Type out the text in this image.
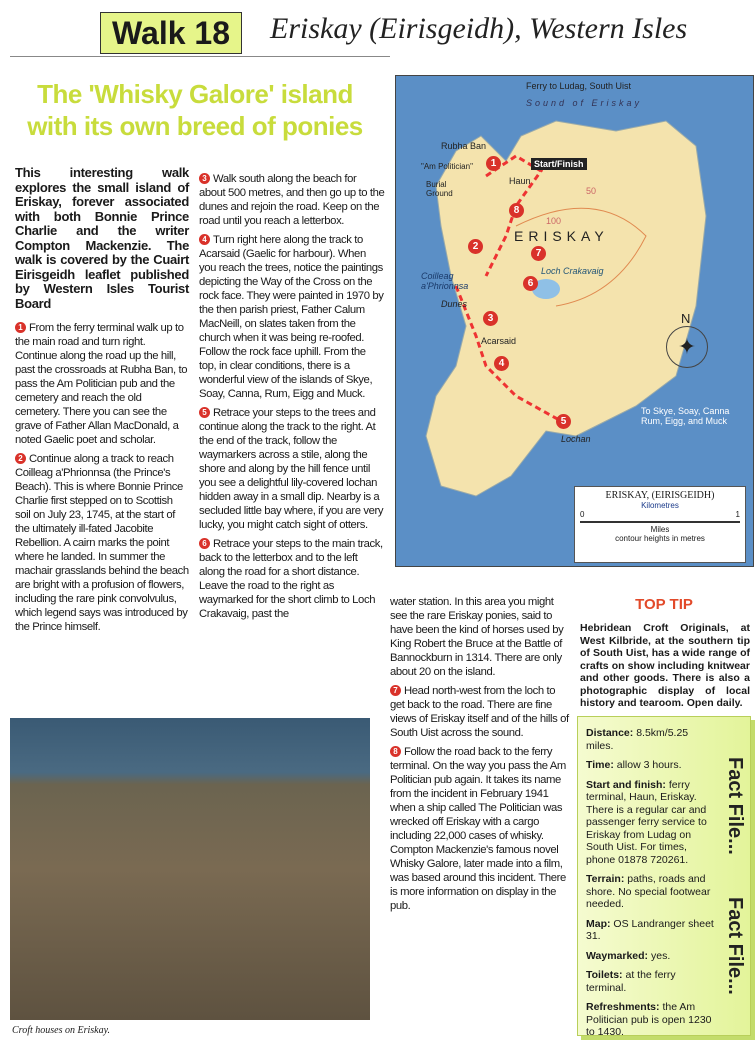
Walk 18	Eriskay (Eirisgeidh), Western Isles
The 'Whisky Galore' island with its own breed of ponies

This interesting walk explores the small island of Eriskay, forever associated with both Bonnie Prince Charlie and the writer Compton Mackenzie. The walk is covered by the Cuairt Eirisgeidh leaflet published by Western Isles Tourist Board

1 From the ferry terminal walk up to the main road and turn right. Continue along the road up the hill, past the crossroads at Rubha Ban, to pass the Am Politician pub and the cemetery and reach the old cemetery. There you can see the grave of Father Allan MacDonald, a noted Gaelic poet and scholar.

2 Continue along a track to reach Coilleag a'Phrionnsa (the Prince's Beach). This is where Bonnie Prince Charlie first stepped on to Scottish soil on July 23, 1745, at the start of the ultimately ill-fated Jacobite Rebellion. A cairn marks the point where he landed. In summer the machair grasslands behind the beach are bright with a profusion of flowers, including the rare pink convolvulus, which legend says was introduced by the Prince himself.

3 Walk south along the beach for about 500 metres, and then go up to the dunes and rejoin the road. Keep on the road until you reach a letterbox.

4 Turn right here along the track to Acarsaid (Gaelic for harbour). When you reach the trees, notice the paintings depicting the Way of the Cross on the rock face. They were painted in 1970 by the then parish priest, Father Calum MacNeill, on slates taken from the church when it was being re-roofed. Follow the rock face uphill. From the top, in clear conditions, there is a wonderful view of the islands of Skye, Soay, Canna, Rum, Eigg and Muck.

5 Retrace your steps to the trees and continue along the track to the right. At the end of the track, follow the waymarkers across a stile, along the shore and along by the hill fence until you see a delightful lily-covered lochan hidden away in a small dip. Nearby is a secluded little bay where, if you are very lucky, you might catch sight of otters.

6 Retrace your steps to the main track, back to the letterbox and to the left along the road for a short distance. Leave the road to the right as waymarked for the short climb to Loch Crakavaig, past the

water station. In this area you might see the rare Eriskay ponies, said to have been the kind of horses used by King Robert the Bruce at the Battle of Bannockburn in 1314. There are only about 20 on the island.

7 Head north-west from the loch to get back to the road. There are fine views of Eriskay itself and of the hills of South Uist across the sound.

8 Follow the road back to the ferry terminal. On the way you pass the Am Politician pub again. It takes its name from the incident in February 1941 when a ship called The Politician was wrecked off Eriskay with a cargo including 22,000 cases of whisky. Compton Mackenzie's famous novel Whisky Galore, later made into a film, was based around this incident. There is more information on display in the pub.

Ferry to Ludag, South Uist
Sound of Eriskay
Rubha Ban
"Am Politician"
Burial Ground
Start/Finish
Haun
ERISKAY
Loch Crakavaig
Coilleag a'Phrionnsa
Dunes
Acarsaid
Lochan
50
100
N
✦
To Skye, Soay, Canna Rum, Eigg, and Muck
ERISKAY, (EIRISGEIDH)
Kilometres
0	1
Miles
contour heights in metres
1
2
3
4
5
6
7
8
Croft houses on Eriskay.
TOP TIP
Hebridean Croft Originals, at West Kilbride, at the southern tip of South Uist, has a wide range of crafts on show including knitwear and other goods. There is also a photographic display of local history and tearoom. Open daily.

Distance: 8.5km/5.25 miles.

Time: allow 3 hours.

Start and finish: ferry terminal, Haun, Eriskay. There is a regular car and passenger ferry service to Eriskay from Ludag on South Uist. For times, phone 01878 720261.

Terrain: paths, roads and shore. No special footwear needed.

Map: OS Landranger sheet 31.

Waymarked: yes.

Toilets: at the ferry terminal.

Refreshments: the Am Politician pub is open 1230 to 1430.

Fact File...
Fact File...
